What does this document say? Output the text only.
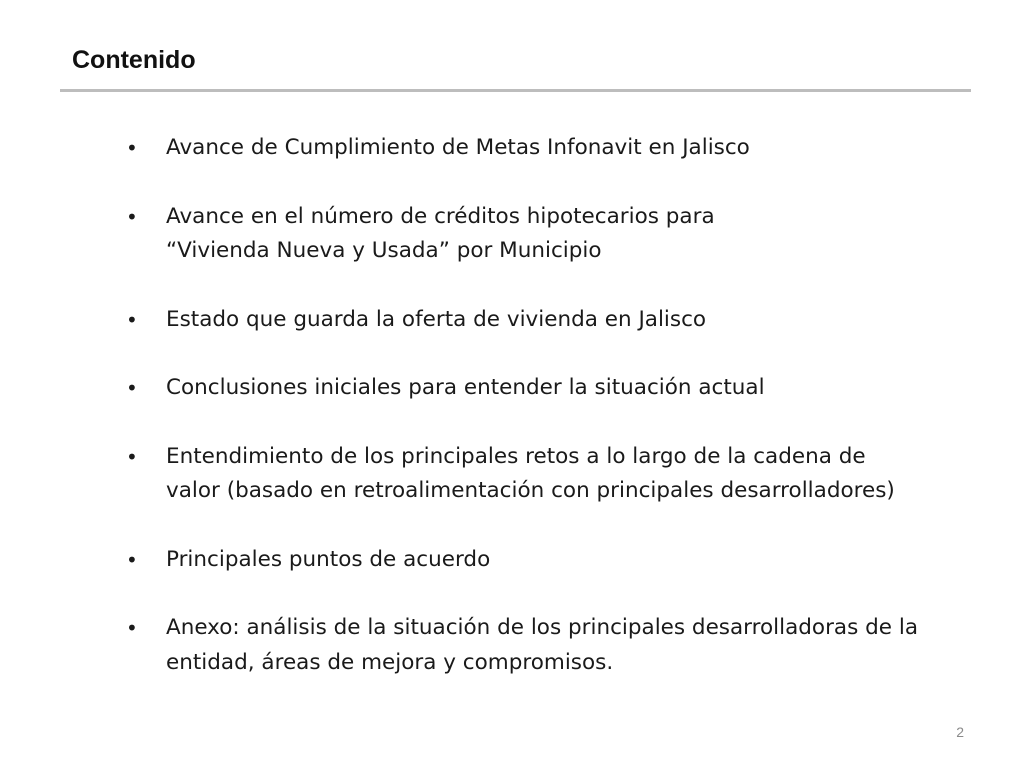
Contenido
• Avance de Cumplimiento de Metas Infonavit en Jalisco
• Avance en el número de créditos hipotecarios para “Vivienda Nueva y Usada” por Municipio
• Estado que guarda la oferta de vivienda en Jalisco
• Conclusiones iniciales para entender la situación actual
• Entendimiento de los principales retos a lo largo de la cadena de valor (basado en retroalimentación con principales desarrolladores)
• Principales puntos de acuerdo
• Anexo: análisis de la situación de los principales desarrolladoras de la entidad, áreas de mejora y compromisos.
2
